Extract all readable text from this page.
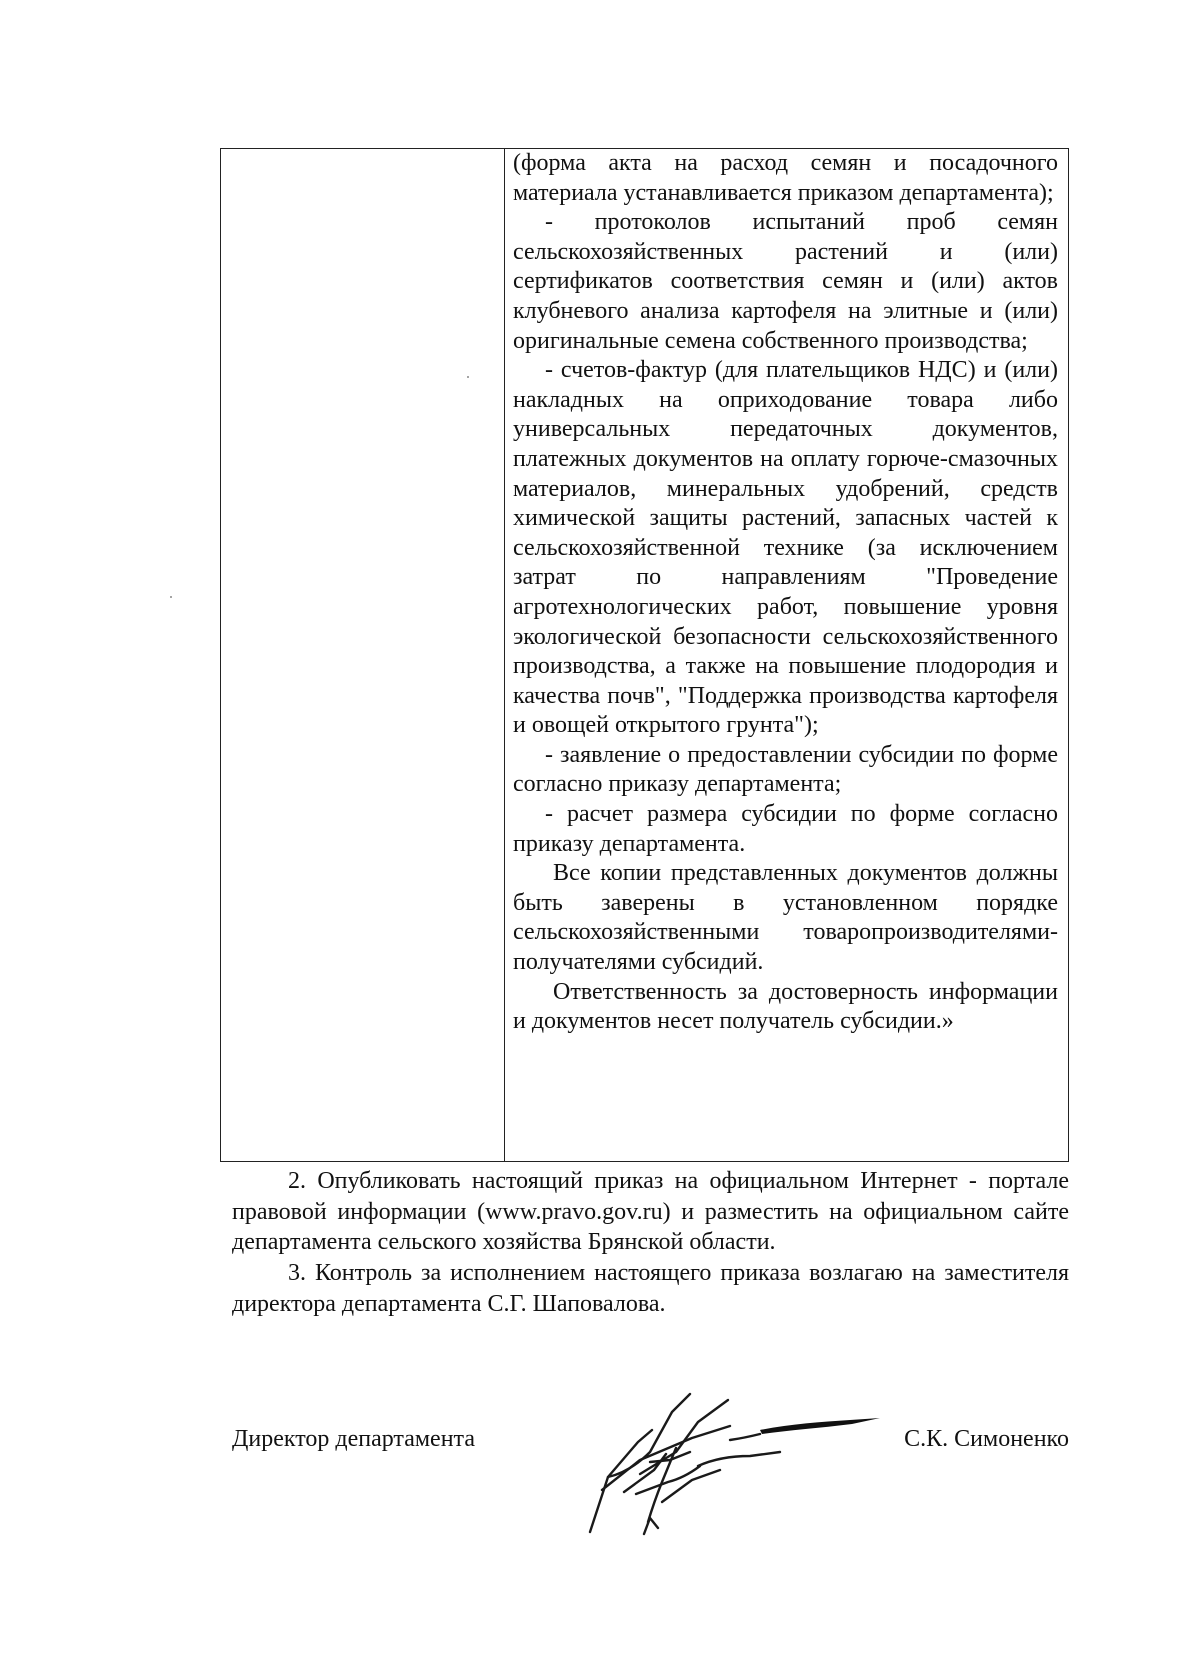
(форма акта на расход семян и посадочного материала устанавливается приказом департамента);

- протоколов испытаний проб семян сельскохозяйственных растений и (или) сертификатов соответствия семян и (или) актов клубневого анализа картофеля на элитные и (или) оригинальные семена собственного производства;

- счетов-фактур (для плательщиков НДС) и (или) накладных на оприходование товара либо универсальных передаточных документов, платежных документов на оплату горюче-смазочных материалов, минеральных удобрений, средств химической защиты растений, запасных частей к сельскохозяйственной технике (за исключением затрат по направлениям "Проведение агротехнологических работ, повышение уровня экологической безопасности сельскохозяйственного производства, а также на повышение плодородия и качества почв", "Поддержка производства картофеля и овощей открытого грунта");

- заявление о предоставлении субсидии по форме согласно приказу департамента;

- расчет размера субсидии по форме согласно приказу департамента.

Все копии представленных документов должны быть заверены в установленном порядке сельскохозяйственными товаропроизводителями-получателями субсидий.

Ответственность за достоверность информации и документов несет получатель субсидии.»

2. Опубликовать настоящий приказ на официальном Интернет - портале правовой информации (www.pravo.gov.ru) и разместить на официальном сайте департамента сельского хозяйства Брянской области.

3. Контроль за исполнением настоящего приказа возлагаю на заместителя директора департамента С.Г. Шаповалова.

Директор департамента	С.К. Симоненко
